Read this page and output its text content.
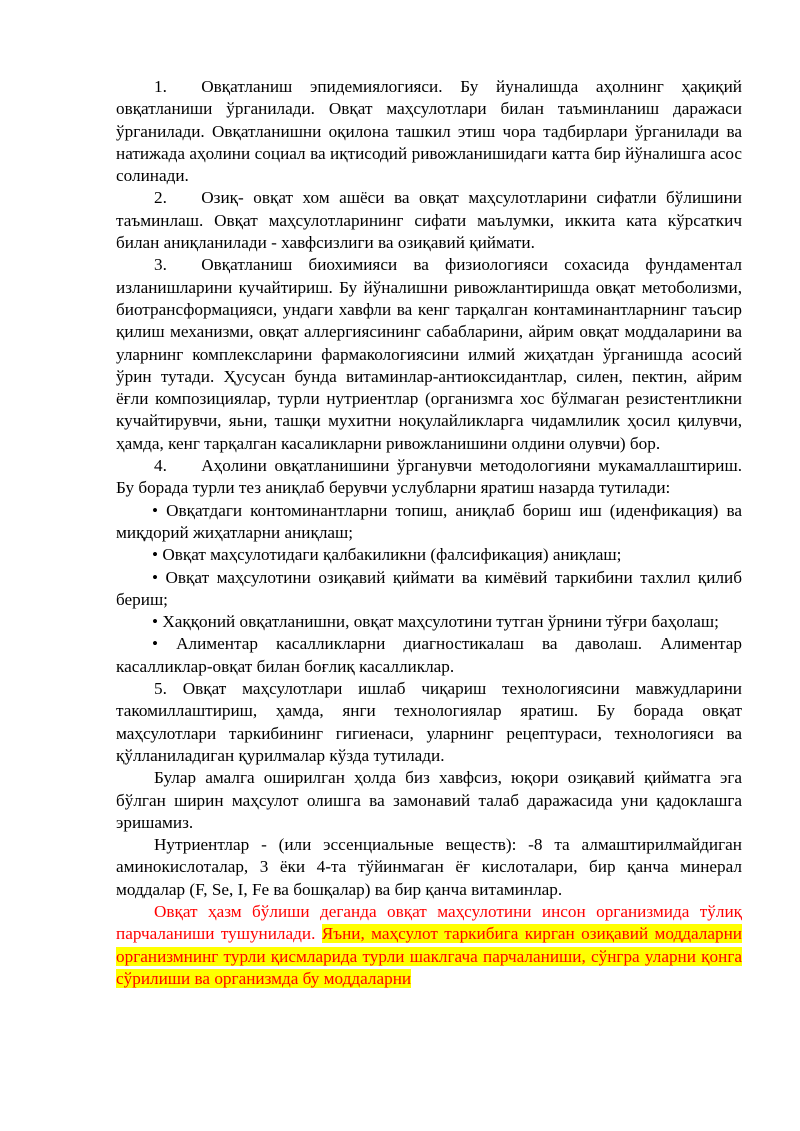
1.  Овқатланиш эпидемиялогияси. Бу йуналишда аҳолнинг ҳақиқий овқатланиши ўрганилади. Овқат маҳсулотлари билан таъминланиш даражаси ўрганилади. Овқатланишни оқилона ташкил этиш чора тадбирлари ўрганилади ва натижада аҳолини социал ва иқтисодий ривожланишидаги катта бир йўналишга асос солинади.

2.  Озиқ- овқат хом ашёси ва овқат маҳсулотларини сифатли бўлишини таъминлаш. Овқат маҳсулотларининг сифати маълумки, иккита ката кўрсаткич билан аниқланилади - хавфсизлиги ва озиқавий қиймати.

3.  Овқатланиш биохимияси ва физиологияси сохасида фундаментал изланишларини кучайтириш. Бу йўналишни ривожлантиришда овқат метоболизми, биотрансформацияси, ундаги хавфли ва кенг тарқалган контаминантларнинг таъсир қилиш механизми, овқат аллергиясининг сабабларини, айрим овқат моддаларини ва уларнинг комплексларини фармакологиясини илмий жиҳатдан ўрганишда асосий ўрин тутади. Ҳусусан бунда витаминлар-антиоксидантлар, силен, пектин, айрим ёғли композициялар, турли нутриентлар (организмга хос бўлмаган резистентликни кучайтирувчи, яьни, ташқи мухитни ноқулайликларга чидамлилик ҳосил қилувчи, ҳамда, кенг тарқалган касаликларни ривожланишини олдини олувчи) бор.

4.  Аҳолини овқатланишини ўрганувчи методологияни мукамаллаштириш. Бу борада турли тез аниқлаб берувчи услубларни яратиш назарда тутилади:

• Овқатдаги контоминантларни топиш, аниқлаб бориш иш (иденфикация) ва миқдорий жиҳатларни аниқлаш;

• Овқат маҳсулотидаги қалбакиликни (фалсификация) аниқлаш;

• Овқат маҳсулотини озиқавий қиймати ва кимёвий таркибини тахлил қилиб бериш;

• Хаққоний овқатланишни, овқат маҳсулотини тутган ўрнини тўғри баҳолаш;

• Алиментар касалликларни диагностикалаш ва даволаш. Алиментар касалликлар-овқат билан боғлиқ касалликлар.

5. Овқат маҳсулотлари ишлаб чиқариш технологиясини мавжудларини такомиллаштириш, ҳамда, янги технологиялар яратиш. Бу борада овқат маҳсулотлари таркибининг гигиенаси, уларнинг рецептураси, технологияси ва қўлланиладиган қурилмалар кўзда тутилади.

Булар амалга оширилган ҳолда биз хавфсиз, юқори озиқавий қийматга эга бўлган ширин маҳсулот олишга ва замонавий талаб даражасида уни қадоклашга эришамиз.

Нутриентлар - (или эссенциальные веществ): -8 та алмаштирилмайдиган аминокислоталар, 3 ёки 4-та тўйинмаган ёғ кислоталари, бир қанча минерал моддалар (F, Se, I, Fe ва бошқалар) ва бир қанча витаминлар.

Овқат ҳазм бўлиши деганда овқат маҳсулотини инсон организмида тўлиқ парчаланиши тушунилади. Яъни, маҳсулот таркибига кирган озиқавий моддаларни организмнинг турли қисмларида турли шаклгача парчаланиши, сўнгра уларни қонга сўрилиши ва организмда бу моддаларни
